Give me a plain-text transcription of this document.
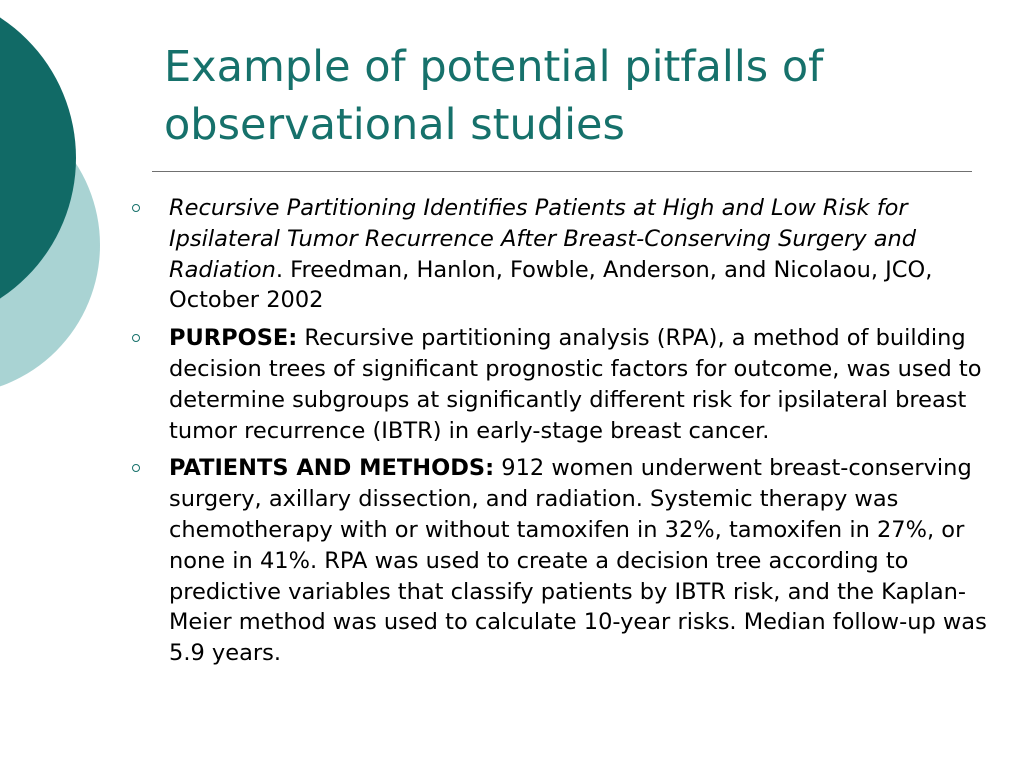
Example of potential pitfalls of observational studies
Recursive Partitioning Identifies Patients at High and Low Risk for Ipsilateral Tumor Recurrence After Breast-Conserving Surgery and Radiation. Freedman, Hanlon, Fowble, Anderson, and Nicolaou, JCO, October 2002
PURPOSE: Recursive partitioning analysis (RPA), a method of building decision trees of significant prognostic factors for outcome, was used to determine subgroups at significantly different risk for ipsilateral breast tumor recurrence (IBTR) in early-stage breast cancer.
PATIENTS AND METHODS: 912 women underwent breast-conserving surgery, axillary dissection, and radiation. Systemic therapy was chemotherapy with or without tamoxifen in 32%, tamoxifen in 27%, or none in 41%. RPA was used to create a decision tree according to predictive variables that classify patients by IBTR risk, and the Kaplan-Meier method was used to calculate 10-year risks. Median follow-up was 5.9 years.
